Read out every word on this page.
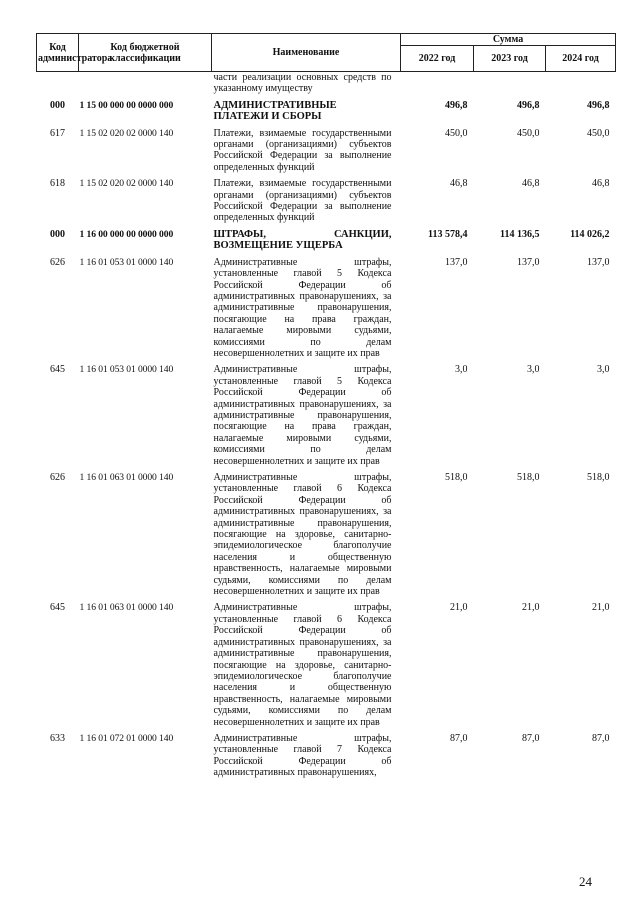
Код администратора	Код бюджетной классификации	Наименование	Сумма		
			2022 год	2023 год	2024 год
		части реализации основных средств по указанному имуществу			
000	1 15 00 000 00 0000 000	АДМИНИСТРАТИВНЫЕ ПЛАТЕЖИ И СБОРЫ	496,8	496,8	496,8
617	1 15 02 020 02 0000 140	Платежи, взимаемые государственными органами (организациями) субъектов Российской Федерации за выполнение определенных функций	450,0	450,0	450,0
618	1 15 02 020 02 0000 140	Платежи, взимаемые государственными органами (организациями) субъектов Российской Федерации за выполнение определенных функций	46,8	46,8	46,8
000	1 16 00 000 00 0000 000	ШТРАФЫ, САНКЦИИ, ВОЗМЕЩЕНИЕ УЩЕРБА	113 578,4	114 136,5	114 026,2
626	1 16 01 053 01 0000 140	Административные штрафы, установленные главой 5 Кодекса Российской Федерации об административных правонарушениях, за административные правонарушения, посягающие на права граждан, налагаемые мировыми судьями, комиссиями по делам несовершеннолетних и защите их прав	137,0	137,0	137,0
645	1 16 01 053 01 0000 140	Административные штрафы, установленные главой 5 Кодекса Российской Федерации об административных правонарушениях, за административные правонарушения, посягающие на права граждан, налагаемые мировыми судьями, комиссиями по делам несовершеннолетних и защите их прав	3,0	3,0	3,0
626	1 16 01 063 01 0000 140	Административные штрафы, установленные главой 6 Кодекса Российской Федерации об административных правонарушениях, за административные правонарушения, посягающие на здоровье, санитарно-эпидемиологическое благополучие населения и общественную нравственность, налагаемые мировыми судьями, комиссиями по делам несовершеннолетних и защите их прав	518,0	518,0	518,0
645	1 16 01 063 01 0000 140	Административные штрафы, установленные главой 6 Кодекса Российской Федерации об административных правонарушениях, за административные правонарушения, посягающие на здоровье, санитарно-эпидемиологическое благополучие населения и общественную нравственность, налагаемые мировыми судьями, комиссиями по делам несовершеннолетних и защите их прав	21,0	21,0	21,0
633	1 16 01 072 01 0000 140	Административные штрафы, установленные главой 7 Кодекса Российской Федерации об административных правонарушениях,	87,0	87,0	87,0
24
